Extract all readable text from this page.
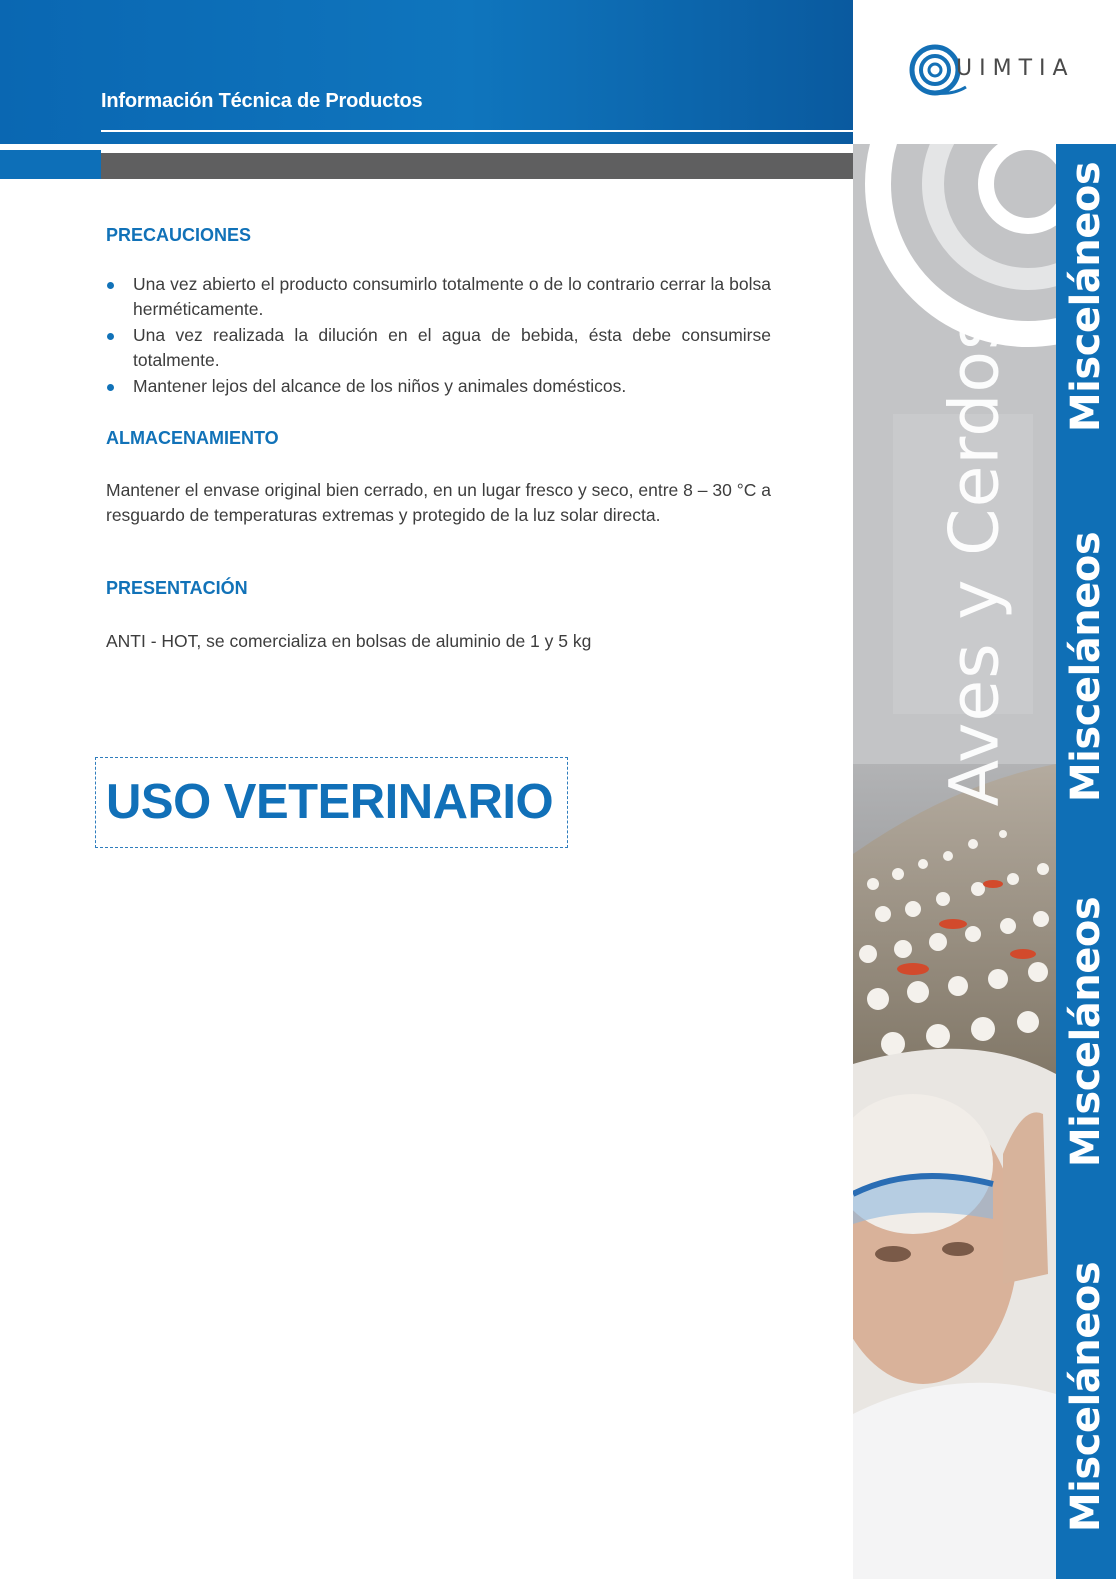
Información Técnica de Productos
UIMTIA
Aves y Cerdos
Misceláneos
Misceláneos
Misceláneos
Misceláneos
PRECAUCIONES
Una vez abierto el producto consumirlo totalmente o de lo contrario cerrar la bolsa herméticamente.
Una vez realizada la dilución en el agua de bebida, ésta debe consumirse totalmente.
Mantener lejos del alcance de los niños y animales domésticos.
ALMACENAMIENTO

Mantener el envase original bien cerrado, en un lugar fresco y seco, entre 8 – 30 °C a resguardo de temperaturas extremas y protegido de la luz solar directa.

PRESENTACIÓN

ANTI - HOT, se comercializa en bolsas de aluminio de 1 y 5 kg

USO VETERINARIO
